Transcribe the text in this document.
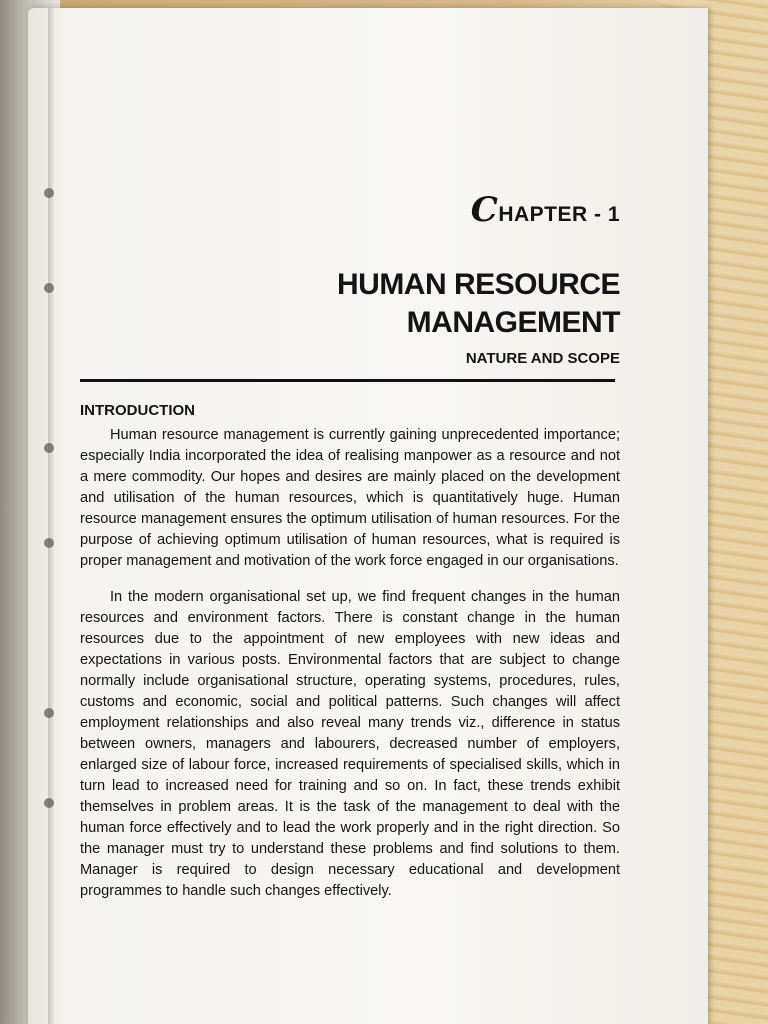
CHAPTER - 1
HUMAN RESOURCE
MANAGEMENT
NATURE AND SCOPE
INTRODUCTION

Human resource management is currently gaining unprecedented importance; especially India incorporated the idea of realising manpower as a resource and not a mere commodity. Our hopes and desires are mainly placed on the development and utilisation of the human resources, which is quantitatively huge. Human resource management ensures the optimum utilisation of human resources. For the purpose of achieving optimum utilisation of human resources, what is required is proper management and motivation of the work force engaged in our organisations.

In the modern organisational set up, we find frequent changes in the human resources and environment factors. There is constant change in the human resources due to the appointment of new employees with new ideas and expectations in various posts. Environmental factors that are subject to change normally include organisational structure, operating systems, procedures, rules, customs and economic, social and political patterns. Such changes will affect employment relationships and also reveal many trends viz., difference in status between owners, managers and labourers, decreased number of employers, enlarged size of labour force, increased requirements of specialised skills, which in turn lead to increased need for training and so on. In fact, these trends exhibit themselves in problem areas. It is the task of the management to deal with the human force effectively and to lead the work properly and in the right direction. So the manager must try to understand these problems and find solutions to them. Manager is required to design necessary educational and development programmes to handle such changes effectively.
